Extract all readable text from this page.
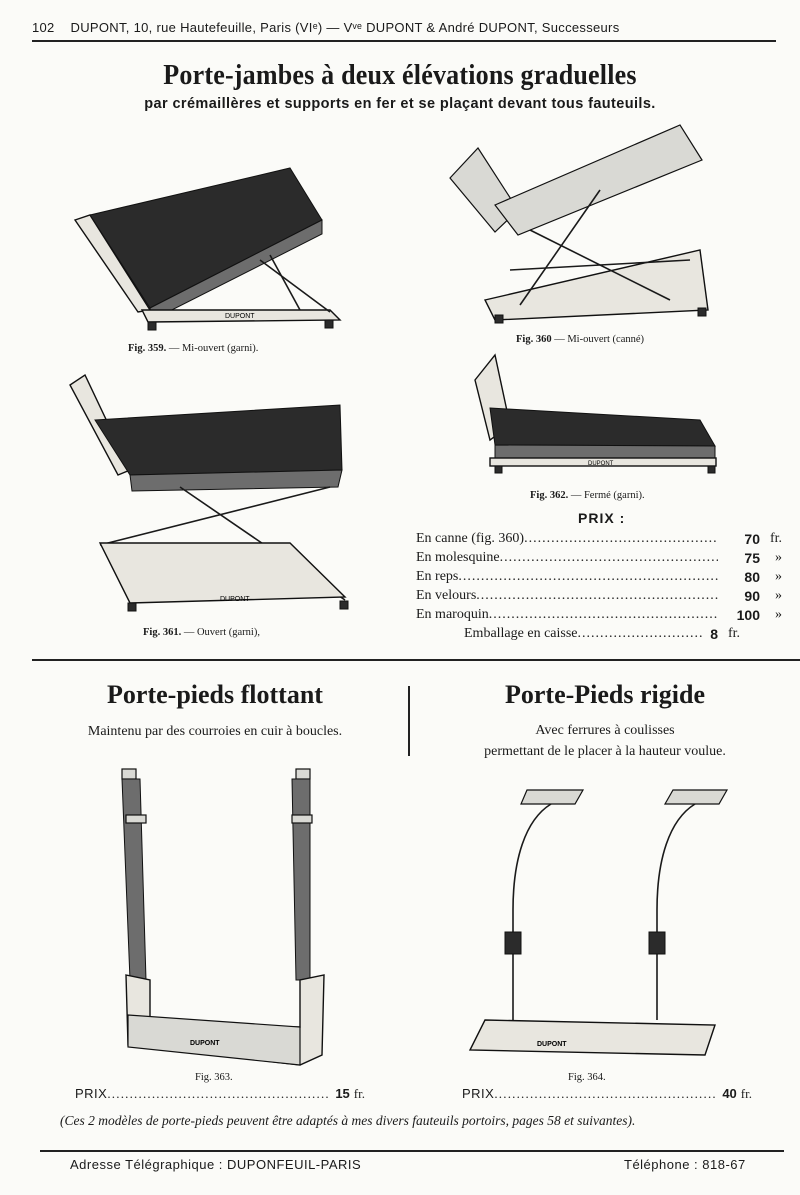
102 DUPONT, 10, rue Hautefeuille, Paris (VIᵉ) — Vᵛᵉ DUPONT & André DUPONT, Successeurs
Porte-jambes à deux élévations graduelles
par crémaillères et supports en fer et se plaçant devant tous fauteuils.
DUPONT
Fig. 359. — Mi-ouvert (garni).
Fig. 360 — Mi-ouvert (canné)
DUPONT
Fig. 361. — Ouvert (garni),
DUPONT
Fig. 362. — Fermé (garni).
PRIX :
En canne (fig. 360) .....	70 fr.
En molesquine .....	75	»
En reps .....	80	»
En velours .....	90	»
En maroquin .....	100	»
Emballage en caisse .....	8 fr.
Porte-pieds flottant
Maintenu par des courroies en cuir à boucles.
Porte-Pieds rigide
Avec ferrures à coulisses
permettant de le placer à la hauteur voulue.
DUPONT
Fig. 363.
DUPONT
Fig. 364.
PRIX .....	15 fr.	PRIX .....	40 fr.
(Ces 2 modèles de porte-pieds peuvent être adaptés à mes divers fauteuils portoirs, pages 58 et suivantes).
Adresse Télégraphique : DUPONFEUIL-PARIS	Téléphone : 818-67
